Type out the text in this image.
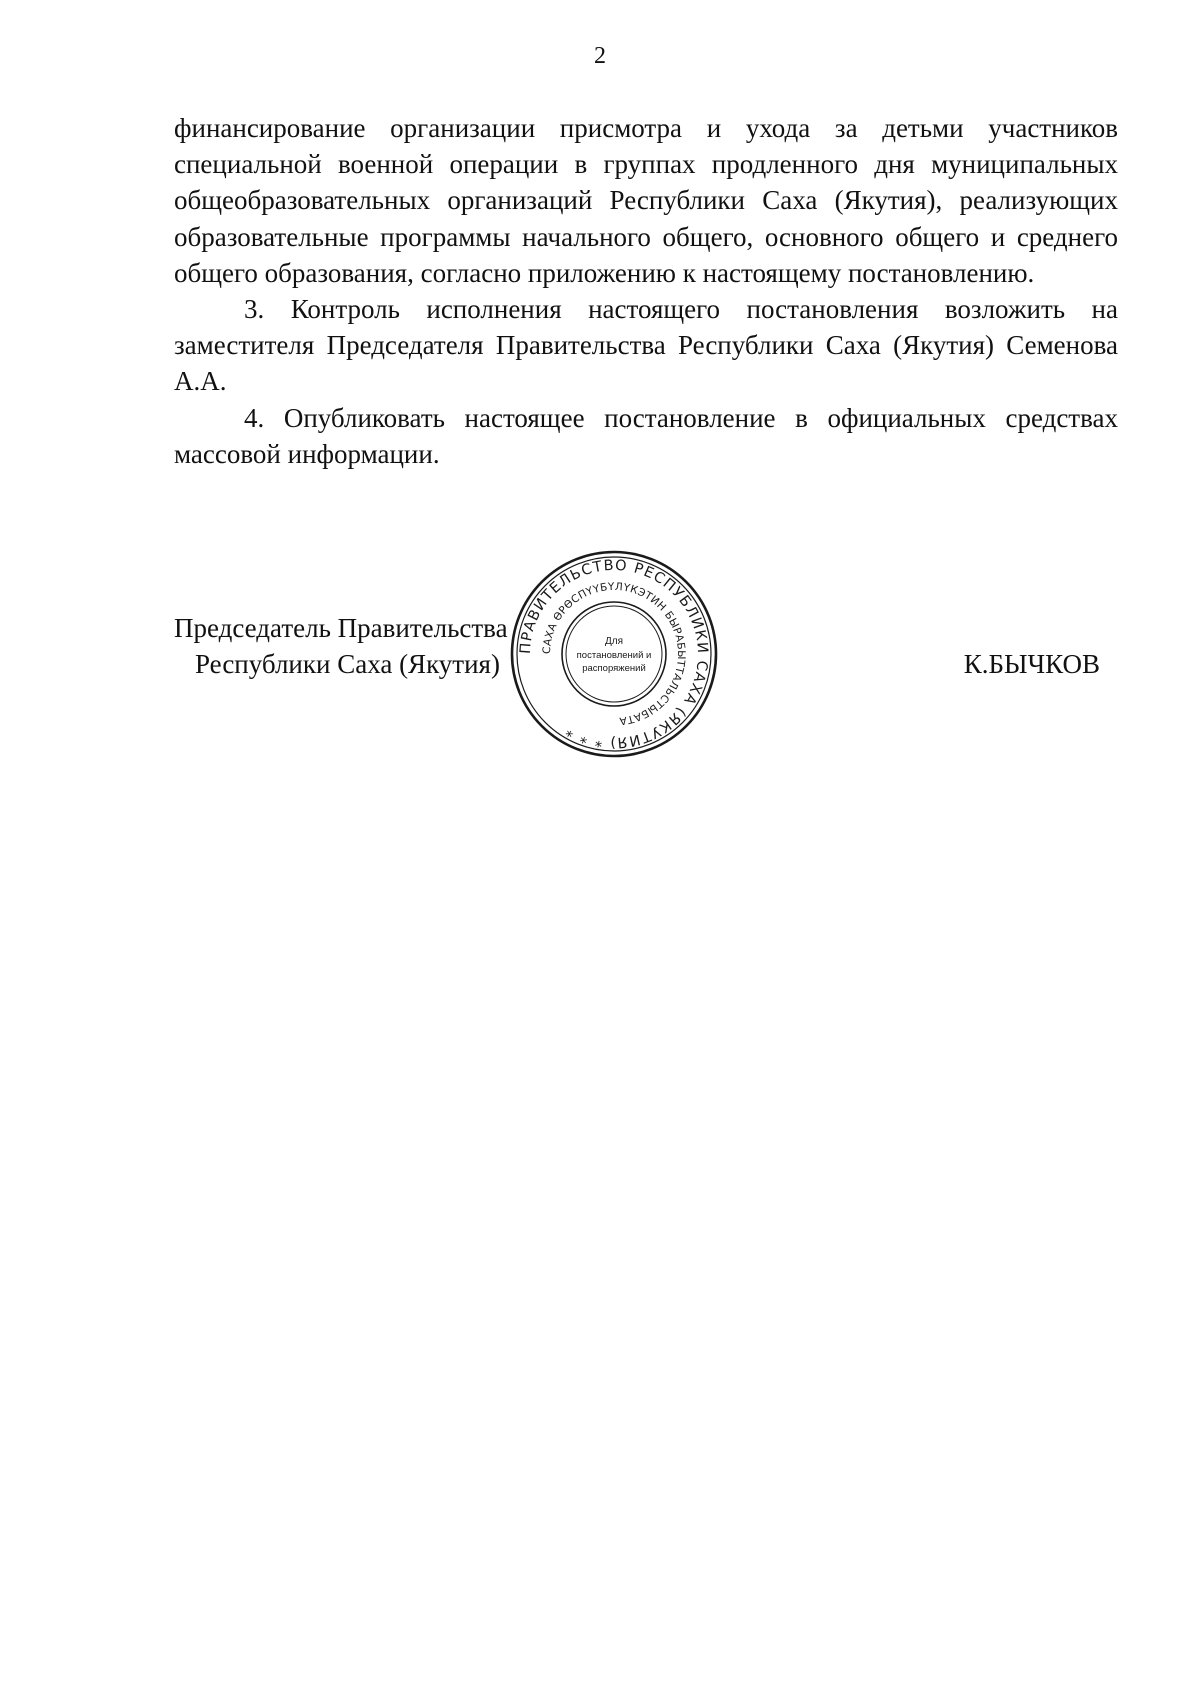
2

финансирование организации присмотра и ухода за детьми участников специальной военной операции в группах продленного дня муниципальных общеобразовательных организаций Республики Саха (Якутия), реализующих образовательные программы начального общего, основного общего и среднего общего образования, согласно приложению к настоящему постановлению.

3. Контроль исполнения настоящего постановления возложить на заместителя Председателя Правительства Республики Саха (Якутия) Семенова А.А.

4. Опубликовать настоящее постановление в официальных средствах массовой информации.

Председатель Правительства
Республики Саха (Якутия)	К.БЫЧКОВ
ПРАВИТЕЛЬСТВО РЕСПУБЛИКИ САХА (ЯКУТИЯ) * * *
САХА ӨРӨСПҮҮБҮЛҮКЭТИН БЫРАБЫТТАЛЬСТЫБАТА
Для
постановлений и
распоряжений
